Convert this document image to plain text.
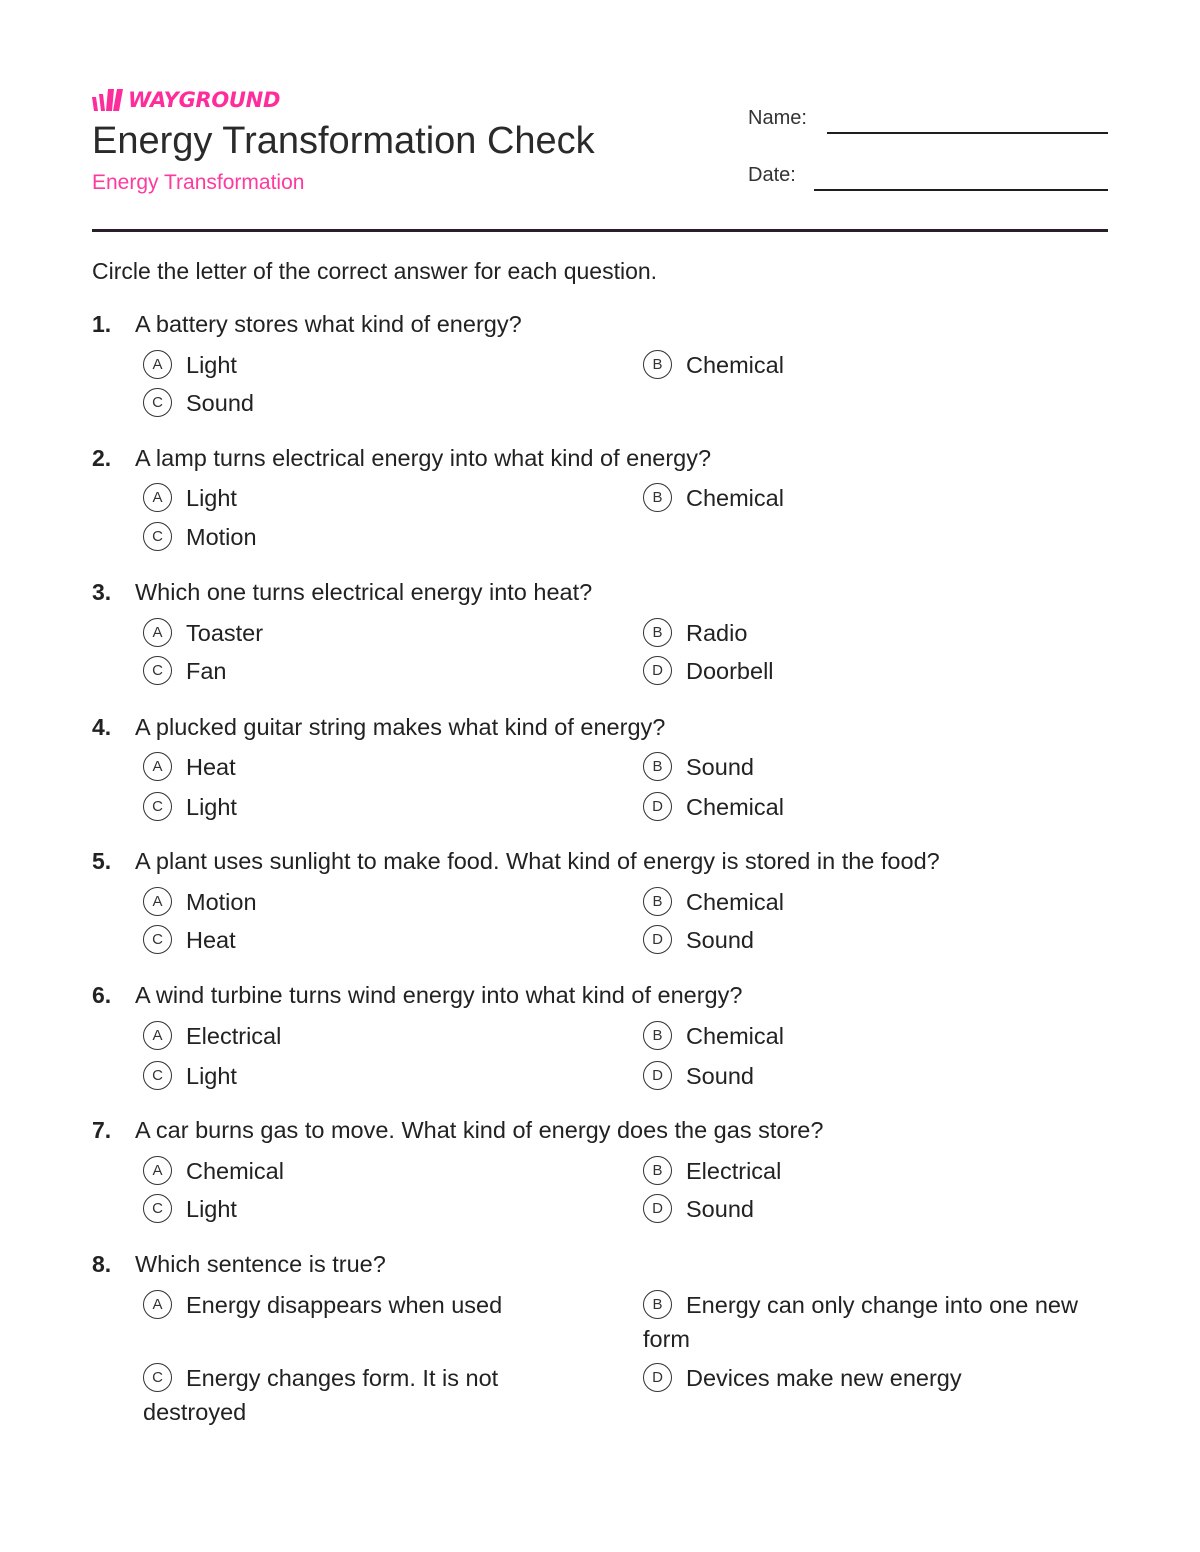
WAYGROUND
Energy Transformation Check
Energy Transformation
Name:
Date:
Circle the letter of the correct answer for each question.
1.	A battery stores what kind of energy?
A Light	B Chemical
C Sound
2.	A lamp turns electrical energy into what kind of energy?
A Light	B Chemical
C Motion
3.	Which one turns electrical energy into heat?
A Toaster	B Radio
C Fan	D Doorbell
4.	A plucked guitar string makes what kind of energy?
A Heat	B Sound
C Light	D Chemical
5.	A plant uses sunlight to make food. What kind of energy is stored in the food?
A Motion	B Chemical
C Heat	D Sound
6.	A wind turbine turns wind energy into what kind of energy?
A Electrical	B Chemical
C Light	D Sound
7.	A car burns gas to move. What kind of energy does the gas store?
A Chemical	B Electrical
C Light	D Sound
8.	Which sentence is true?
A Energy disappears when used	B Energy can only change into one new form
C Energy changes form. It is not destroyed
D Devices make new energy
